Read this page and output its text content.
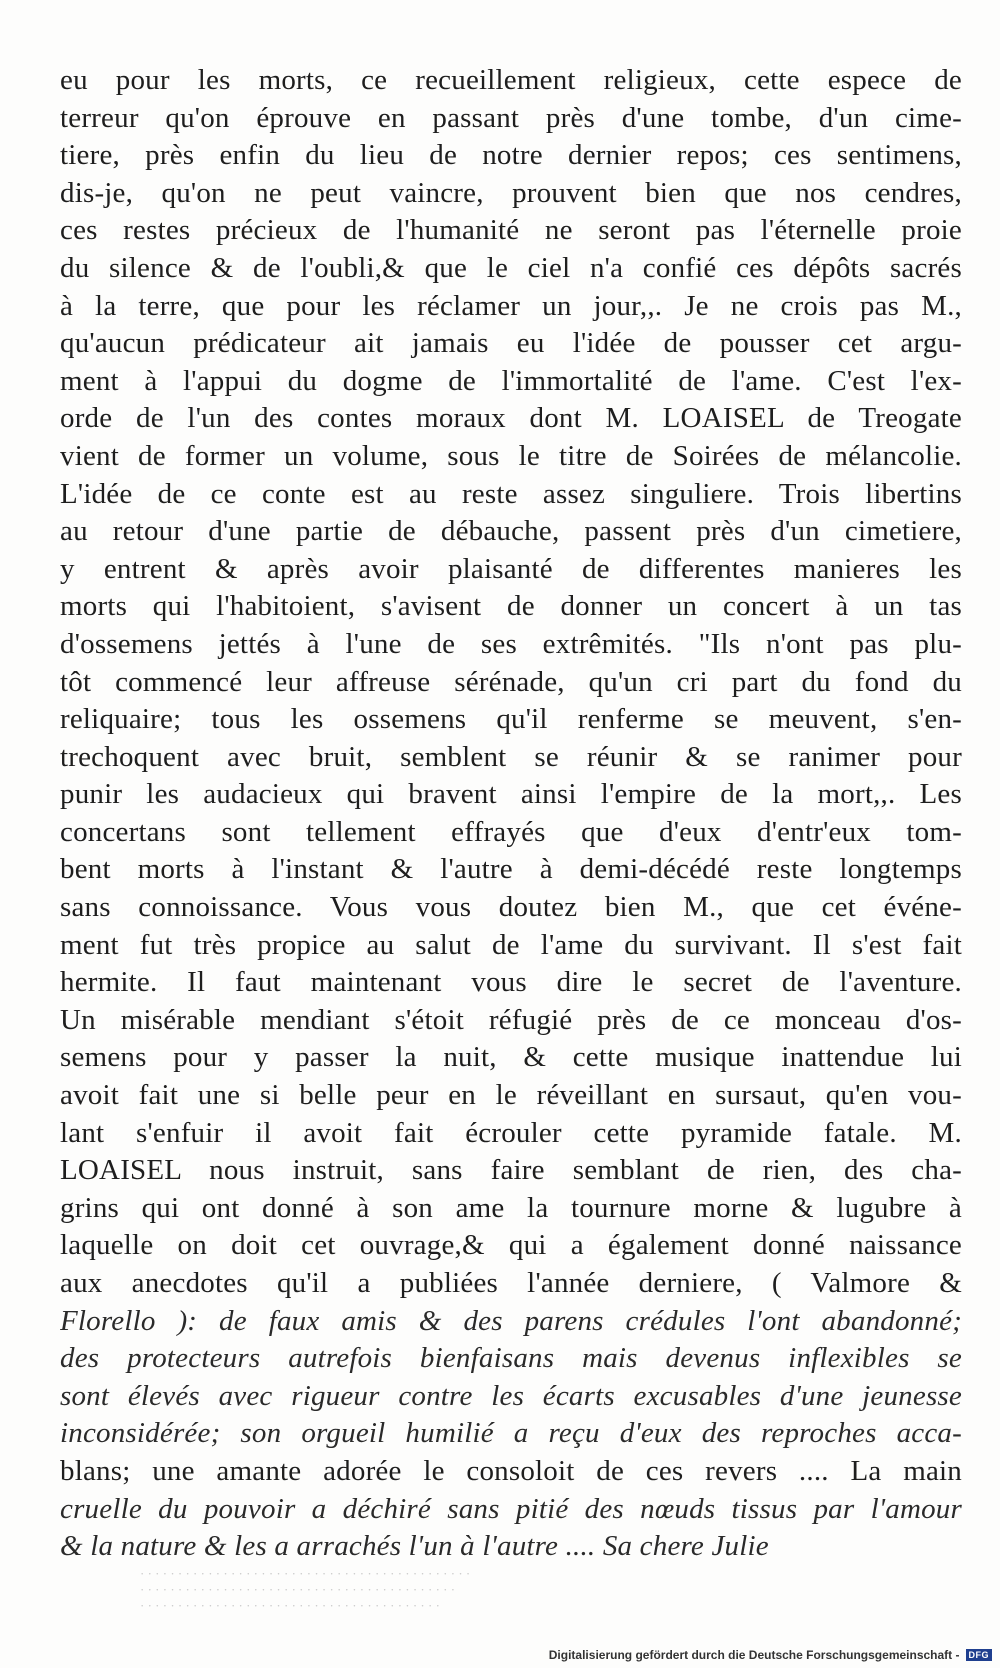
eu pour les morts, ce recueillement religieux, cette espece de
terreur qu'on éprouve en passant près d'une tombe, d'un cime-
tiere, près enfin du lieu de notre dernier repos; ces sentimens,
dis-je, qu'on ne peut vaincre, prouvent bien que nos cendres,
ces restes précieux de l'humanité ne seront pas l'éternelle proie
du silence & de l'oubli,& que le ciel n'a confié ces dépôts sacrés
à la terre, que pour les réclamer un jour,,. Je ne crois pas M.,
qu'aucun prédicateur ait jamais eu l'idée de pousser cet argu-
ment à l'appui du dogme de l'immortalité de l'ame. C'est l'ex-
orde de l'un des contes moraux dont M. LOAISEL de Treogate
vient de former un volume, sous le titre de Soirées de mélancolie.
L'idée de ce conte est au reste assez singuliere. Trois libertins
au retour d'une partie de débauche, passent près d'un cimetiere,
y entrent & après avoir plaisanté de differentes manieres les
morts qui l'habitoient, s'avisent de donner un concert à un tas
d'ossemens jettés à l'une de ses extrêmités. "Ils n'ont pas plu-
tôt commencé leur affreuse sérénade, qu'un cri part du fond du
reliquaire; tous les ossemens qu'il renferme se meuvent, s'en-
trechoquent avec bruit, semblent se réunir & se ranimer pour
punir les audacieux qui bravent ainsi l'empire de la mort,,. Les
concertans sont tellement effrayés que d'eux d'entr'eux tom-
bent morts à l'instant & l'autre à demi-décédé reste longtemps
sans connoissance. Vous vous doutez bien M., que cet événe-
ment fut très propice au salut de l'ame du survivant. Il s'est fait
hermite. Il faut maintenant vous dire le secret de l'aventure.
Un misérable mendiant s'étoit réfugié près de ce monceau d'os-
semens pour y passer la nuit, & cette musique inattendue lui
avoit fait une si belle peur en le réveillant en sursaut, qu'en vou-
lant s'enfuir il avoit fait écrouler cette pyramide fatale. M.
LOAISEL nous instruit, sans faire semblant de rien, des cha-
grins qui ont donné à son ame la tournure morne & lugubre à
laquelle on doit cet ouvrage,& qui a également donné naissance
aux anecdotes qu'il a publiées l'année derniere, ( Valmore &
Florello ): de faux amis & des parens crédules l'ont abandonné;
des protecteurs autrefois bienfaisans mais devenus inflexibles se
sont élevés avec rigueur contre les écarts excusables d'une jeunesse
inconsidérée; son orgueil humilié a reçu d'eux des reproches acca-
blans; une amante adorée le consoloit de ces revers .... La main
cruelle du pouvoir a déchiré sans pitié des nœuds tissus par l'amour
& la nature & les a arrachés l'un à l'autre .... Sa chere Julie
· · · · · · · · · · · · · · · · · · · · · · · · · · · · · · · · · · · · · · · · · · · ·
· · · · · · · · · · · · · · · · · · · · · · · · · · · · · · · · · · · · · · · · · ·
· · · · · · · · · · · · · · · · · · · · · · · · · · · · · · · · · · · · · · · ·
Digitalisierung gefördert durch die Deutsche Forschungsgemeinschaft -	DFG
